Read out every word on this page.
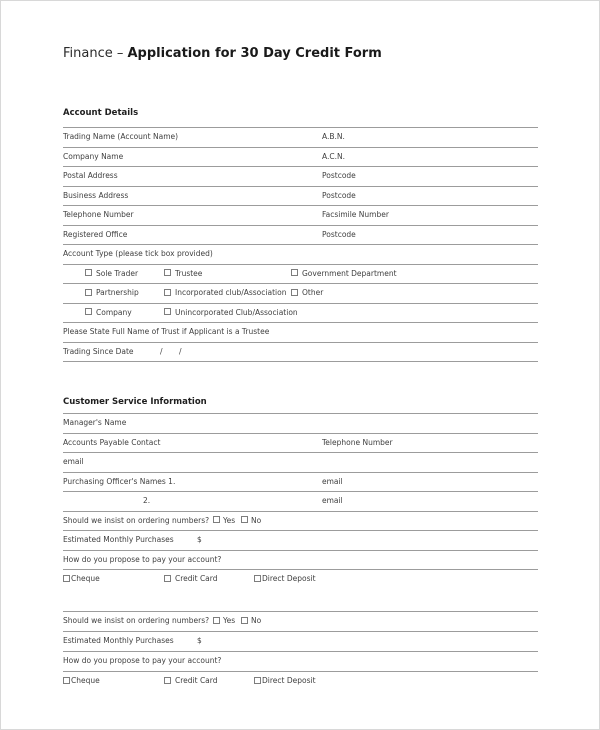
Finance – Application for 30 Day Credit Form
Account Details
Trading Name (Account Name)	A.B.N.
Company Name	A.C.N.
Postal Address	Postcode
Business Address	Postcode
Telephone Number	Facsimile Number
Registered Office	Postcode
Account Type (please tick box provided)
Sole Trader	Trustee	Government Department
Partnership	Incorporated club/Association	Other
Company	Unincorporated Club/Association
Please State Full Name of Trust if Applicant is a Trustee
Trading Since Date	/ /
Customer Service Information
Manager's Name
Accounts Payable Contact	Telephone Number
email
Purchasing Officer's Names 1.	email
2.	email
Should we insist on ordering numbers?	Yes	No
Estimated Monthly Purchases	$
How do you propose to pay your account?
Cheque	Credit Card	Direct Deposit
Should we insist on ordering numbers?	Yes	No
Estimated Monthly Purchases	$
How do you propose to pay your account?
Cheque	Credit Card	Direct Deposit
